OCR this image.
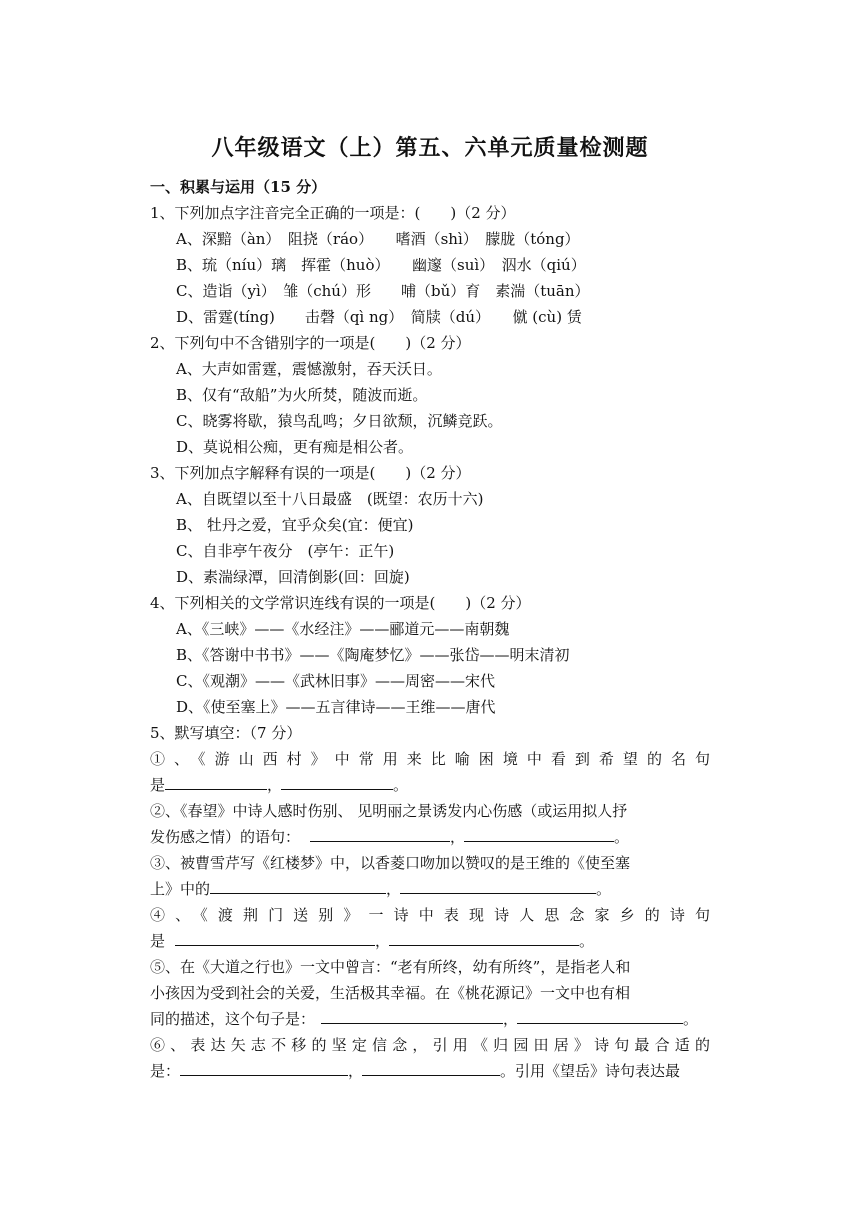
八年级语文（上）第五、六单元质量检测题
一、积累与运用（15 分）
1、下列加点字注音完全正确的一项是：(　　)（2 分）
A、深黯（àn）　阻挠（ráo）　　嗜酒（shì）　朦胧（tóng）
B、琉（níu）璃　挥霍（huò）　　幽邃（suì）　泅水（qiú）
C、造诣（yì）　雏（chú）形　　哺（bǔ）育　素湍（tuān）
D、雷霆(tíng)　　击磬（qì ng）　简牍（dú）　　僦 (cù) 赁
2、下列句中不含错别字的一项是(　　)（2 分）
A、大声如雷霆，震憾激射，吞天沃日。
B、仅有“敌船”为火所焚，随波而逝。
C、晓雾将歇，猿鸟乱鸣；夕日欲颓，沉鳞竞跃。
D、莫说相公痴，更有痴是相公者。
3、下列加点字解释有误的一项是(　　)（2 分）
A、自既望以至十八日最盛　(既望：农历十六)
B、 牡丹之爱，宜乎众矣(宜：便宜)
C、自非亭午夜分　(亭午：正午)
D、素湍绿潭，回清倒影(回：回旋)
4、下列相关的文学常识连线有误的一项是(　　)（2 分）
A、《三峡》——《水经注》——郦道元——南朝魏
B、《答谢中书书》——《陶庵梦忆》——张岱——明末清初
C、《观潮》——《武林旧事》——周密——宋代
D、《使至塞上》——五言律诗——王维——唐代
5、默写填空：（7 分）
①、《游山西村》中常用来比喻困境中看到希望的名句
是	，	。
②、《春望》中诗人感时伤别、 见明丽之景诱发内心伤感（或运用拟人抒
发伤感之情）的语句：	，	。
③、被曹雪芹写《红楼梦》中，以香菱口吻加以赞叹的是王维的《使至塞
上》中的	，	。
④、《渡荆门送别》一诗中表现诗人思念家乡的诗句
是	，	。
⑤、在《大道之行也》一文中曾言：“老有所终，幼有所终”，是指老人和
小孩因为受到社会的关爱，生活极其幸福。在《桃花源记》一文中也有相
同的描述，这个句子是：	，	。
⑥、表达矢志不移的坚定信念，引用《归园田居》诗句最合适的
是：	，	。引用《望岳》诗句表达最
